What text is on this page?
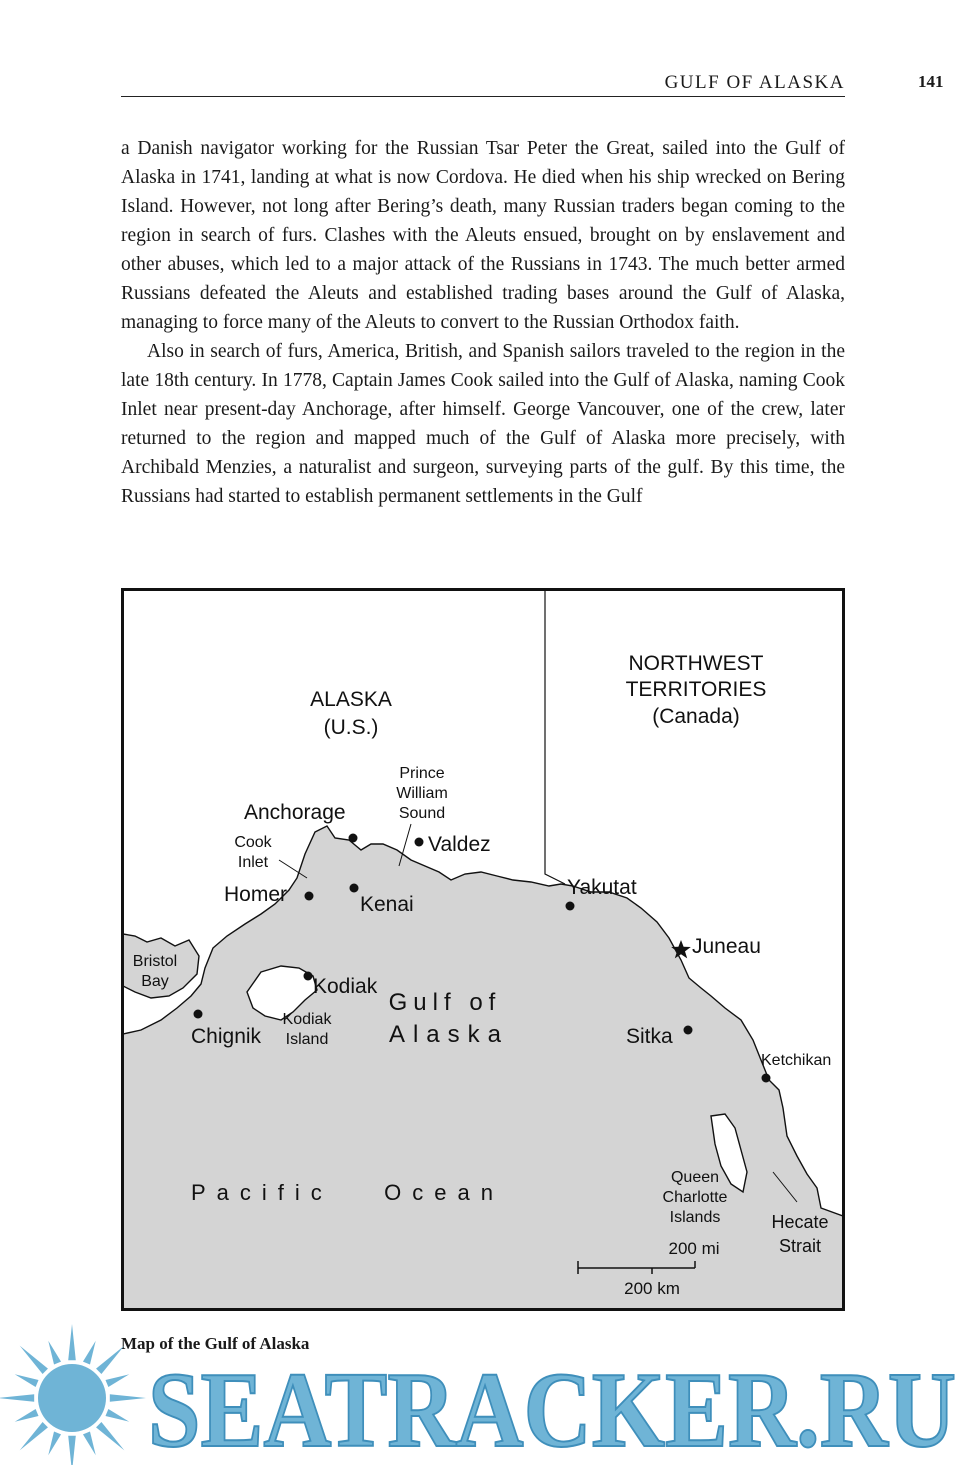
GULF OF ALASKA	141

a Danish navigator working for the Russian Tsar Peter the Great, sailed into the Gulf of Alaska in 1741, landing at what is now Cordova. He died when his ship wrecked on Bering Island. However, not long after Bering’s death, many Russian traders began coming to the region in search of furs. Clashes with the Aleuts ensued, brought on by enslavement and other abuses, which led to a major attack of the Russians in 1743. The much better armed Russians defeated the Aleuts and established trading bases around the Gulf of Alaska, managing to force many of the Aleuts to convert to the Russian Orthodox faith.

Also in search of furs, America, British, and Spanish sailors traveled to the region in the late 18th century. In 1778, Captain James Cook sailed into the Gulf of Alaska, naming Cook Inlet near present-day Anchorage, after himself. George Vancouver, one of the crew, later returned to the region and mapped much of the Gulf of Alaska more precisely, with Archibald Menzies, a naturalist and surgeon, surveying parts of the gulf. By this time, the Russians had started to establish permanent settlements in the Gulf

ALASKA
(U.S.)
NORTHWEST
TERRITORIES
(Canada)
Prince
William
Sound
Cook
Inlet
Bristol
Bay
Kodiak
Island
Gulf of
Alaska
Pacific   Ocean
Queen
Charlotte
Islands	Hecate
Strait
Anchorage
Valdez
Kenai
Homer
Kodiak
Chignik
Yakutat
Juneau
Sitka
Ketchikan
200 mi
200 km
Map of the Gulf of Alaska
SEATRACKER.RU
